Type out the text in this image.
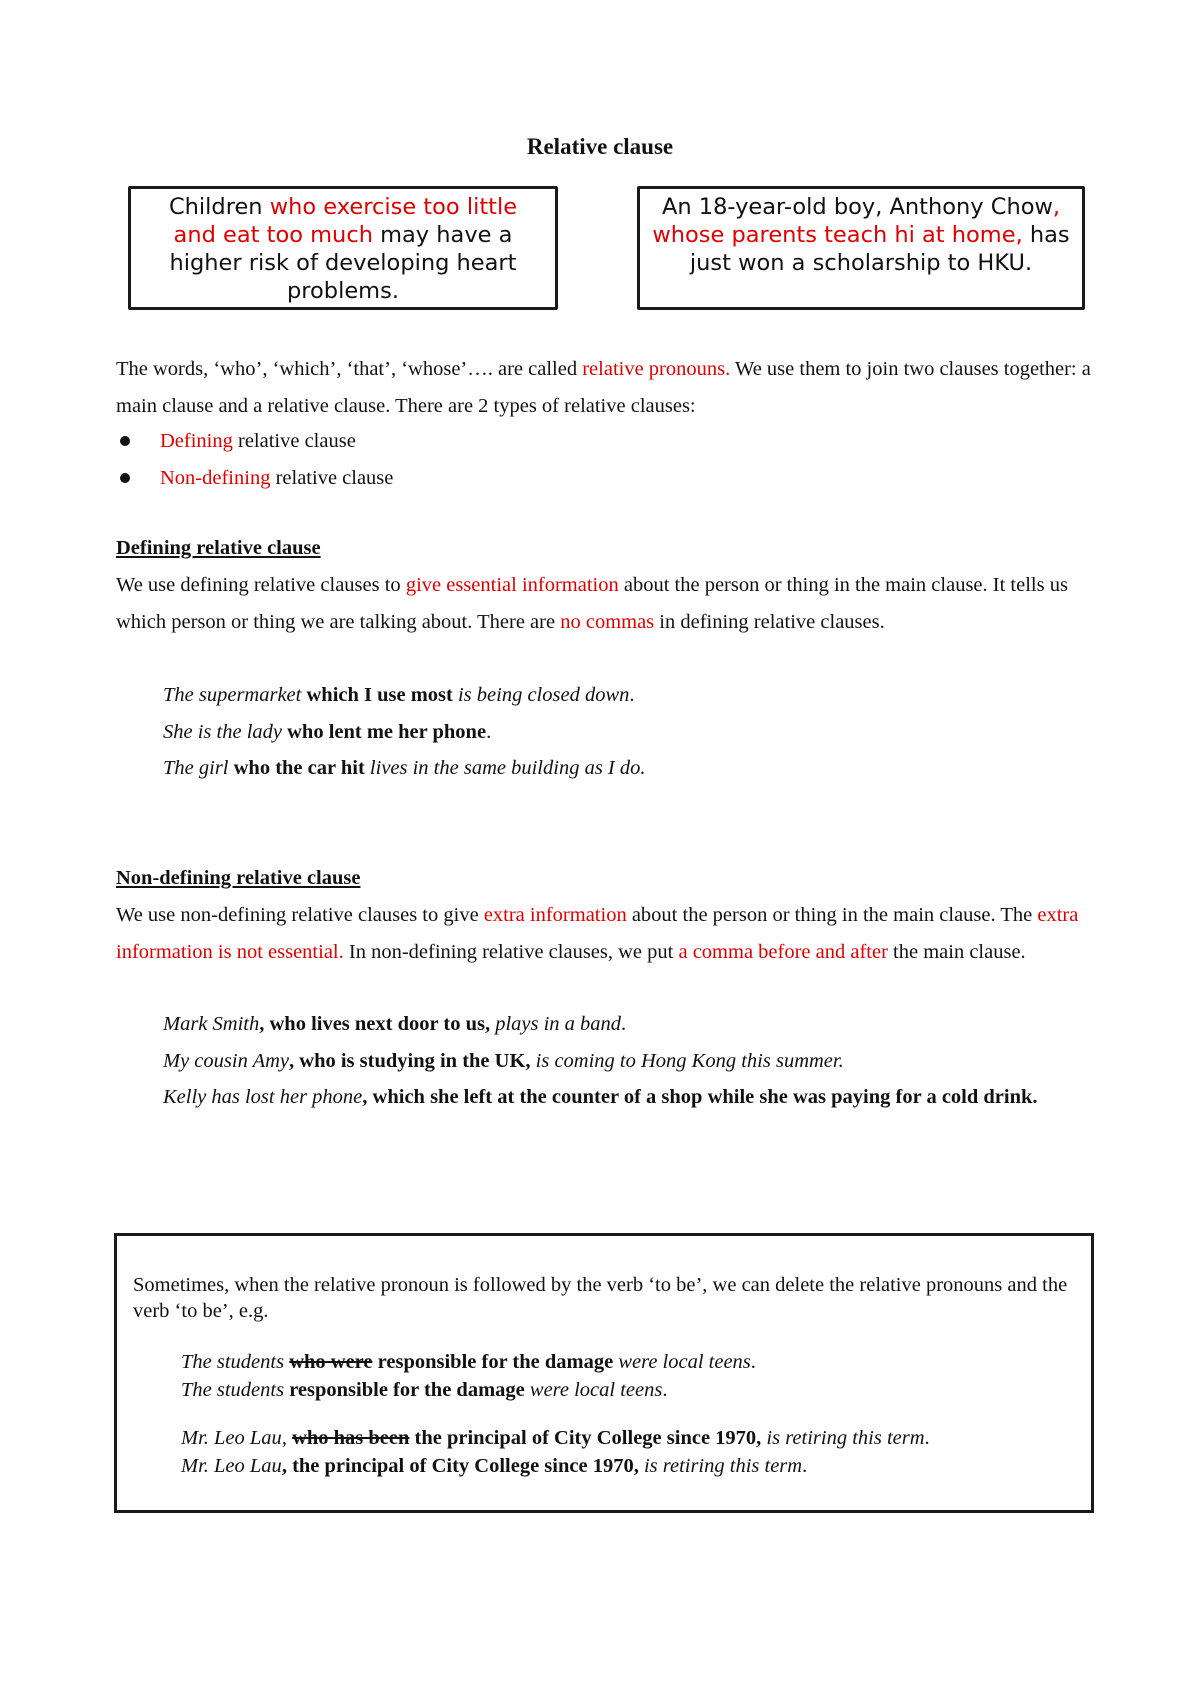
Relative clause
Children who exercise too little and eat too much may have a higher risk of developing heart problems.
An 18-year-old boy, Anthony Chow, whose parents teach hi at home, has just won a scholarship to HKU.
The words, ‘who’, ‘which’, ‘that’, ‘whose’…. are called relative pronouns. We use them to join two clauses together: a main clause and a relative clause. There are 2 types of relative clauses:
Defining relative clause
Non-defining relative clause
Defining relative clause
We use defining relative clauses to give essential information about the person or thing in the main clause. It tells us which person or thing we are talking about. There are no commas in defining relative clauses.
The supermarket which I use most is being closed down.
She is the lady who lent me her phone.
The girl who the car hit lives in the same building as I do.
Non-defining relative clause
We use non-defining relative clauses to give extra information about the person or thing in the main clause. The extra information is not essential. In non-defining relative clauses, we put a comma before and after the main clause.
Mark Smith, who lives next door to us, plays in a band.
My cousin Amy, who is studying in the UK, is coming to Hong Kong this summer.
Kelly has lost her phone, which she left at the counter of a shop while she was paying for a cold drink.
Sometimes, when the relative pronoun is followed by the verb ‘to be’, we can delete the relative pronouns and the verb ‘to be’, e.g.
The students who were responsible for the damage were local teens.
The students responsible for the damage were local teens.
Mr. Leo Lau, who has been the principal of City College since 1970, is retiring this term.
Mr. Leo Lau, the principal of City College since 1970, is retiring this term.
